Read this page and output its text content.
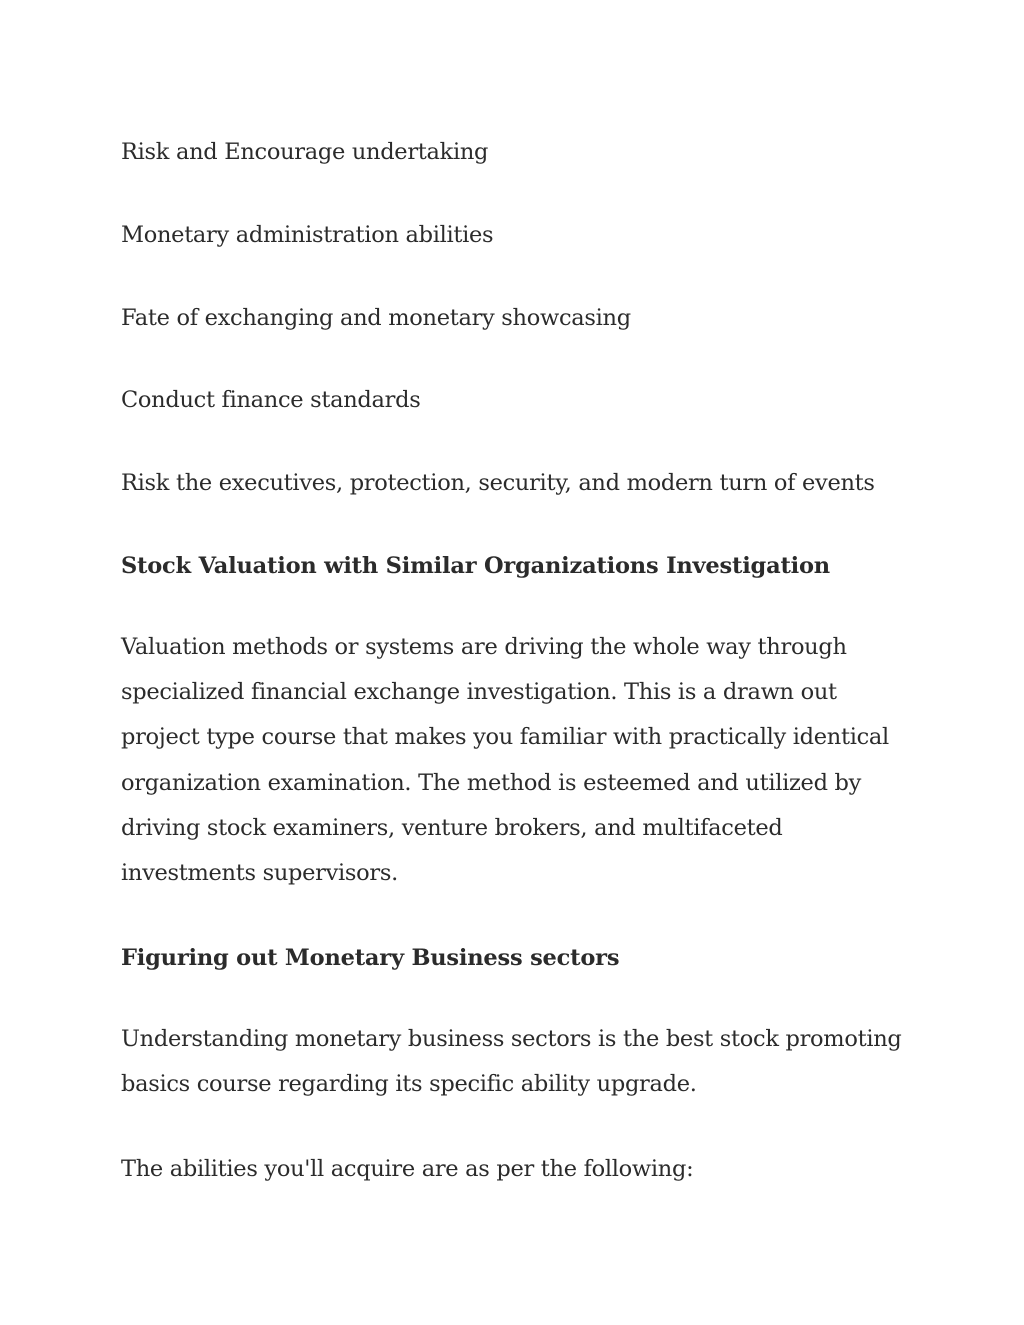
Risk and Encourage undertaking
Monetary administration abilities
Fate of exchanging and monetary showcasing
Conduct finance standards
Risk the executives, protection, security, and modern turn of events
Stock Valuation with Similar Organizations Investigation
Valuation methods or systems are driving the whole way through
specialized financial exchange investigation. This is a drawn out
project type course that makes you familiar with practically identical
organization examination. The method is esteemed and utilized by
driving stock examiners, venture brokers, and multifaceted
investments supervisors.
Figuring out Monetary Business sectors
Understanding monetary business sectors is the best stock promoting
basics course regarding its specific ability upgrade.
The abilities you'll acquire are as per the following:
